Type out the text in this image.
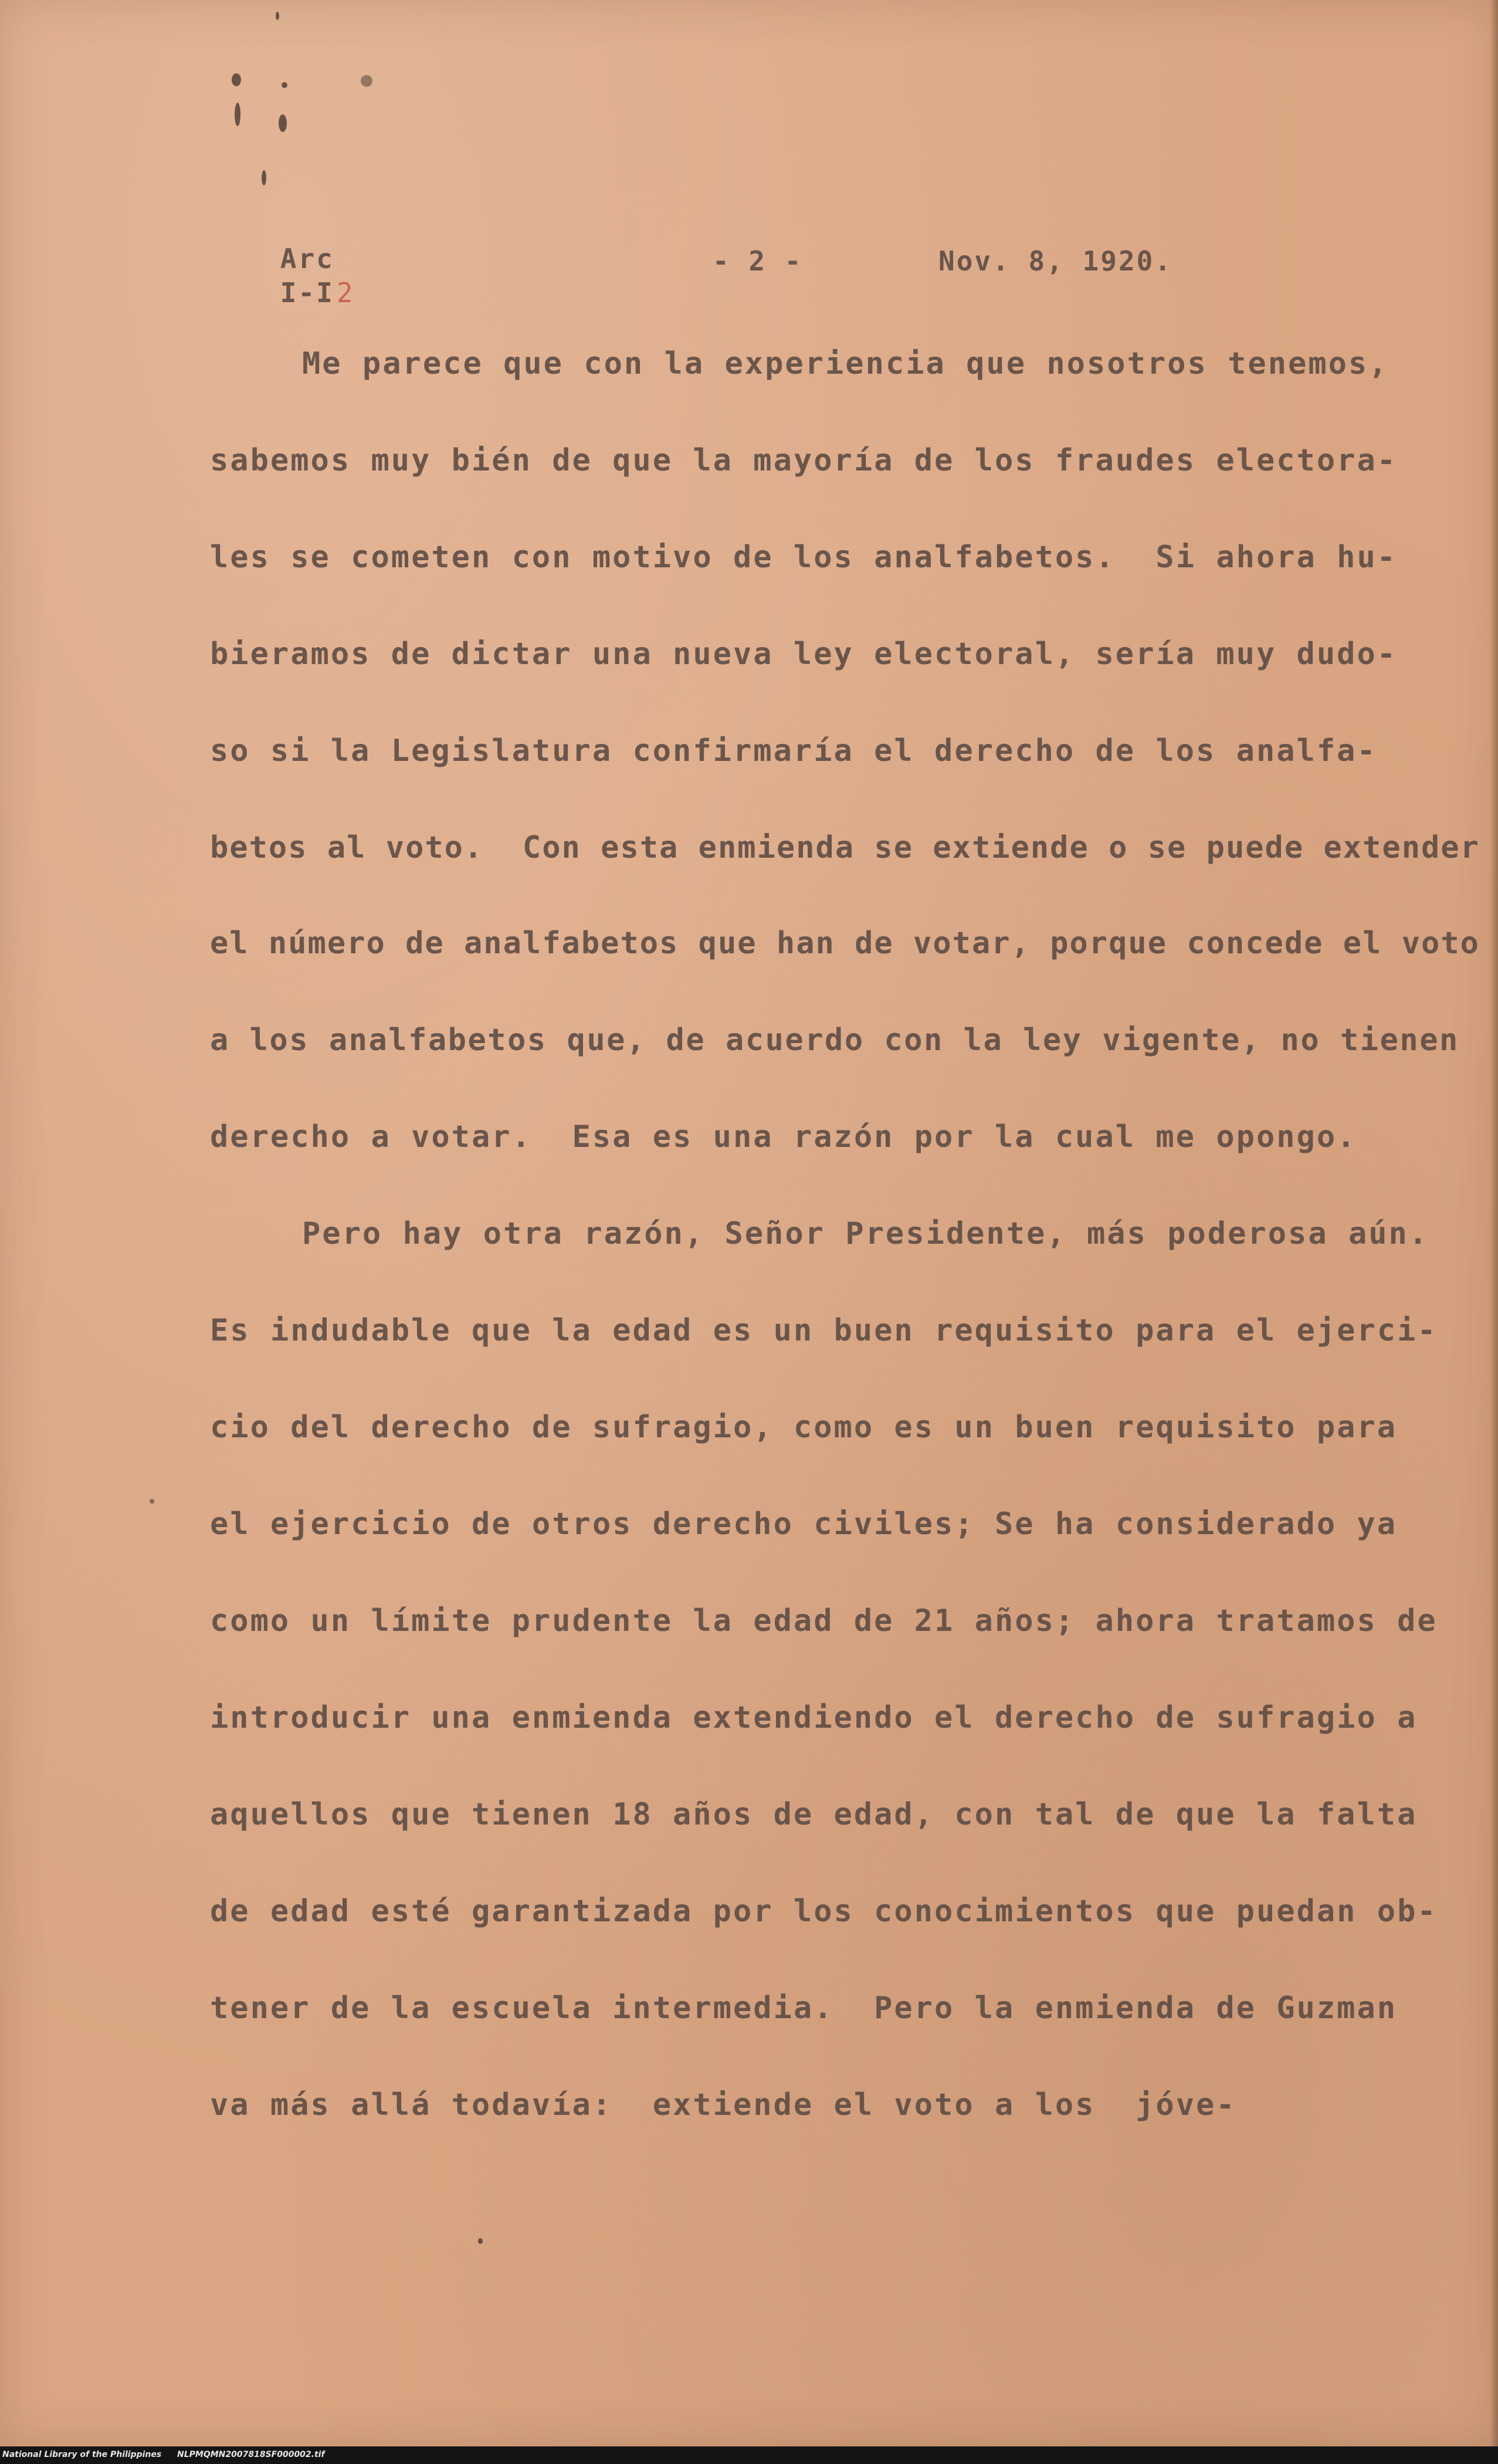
Arc

I-I2

- 2 -	Nov. 8, 1920.
Me parece que con la experiencia que nosotros tenemos,
sabemos muy bién de que la mayoría de los fraudes electora-
les se cometen con motivo de los analfabetos.  Si ahora hu-
bieramos de dictar una nueva ley electoral, sería muy dudo-
so si la Legislatura confirmaría el derecho de los analfa-
betos al voto.  Con esta enmienda se extiende o se puede extender
el número de analfabetos que han de votar, porque concede el voto
a los analfabetos que, de acuerdo con la ley vigente, no tienen
derecho a votar.  Esa es una razón por la cual me opongo.
Pero hay otra razón, Señor Presidente, más poderosa aún.
Es indudable que la edad es un buen requisito para el ejerci-
cio del derecho de sufragio, como es un buen requisito para
el ejercicio de otros derecho civiles; Se ha considerado ya
como un límite prudente la edad de 21 años; ahora tratamos de
introducir una enmienda extendiendo el derecho de sufragio a
aquellos que tienen 18 años de edad, con tal de que la falta
de edad esté garantizada por los conocimientos que puedan ob-
tener de la escuela intermedia.  Pero la enmienda de Guzman
va más allá todavía:  extiende el voto a los  jóve-
National Library of the Philippines NLPMQMN2007818SF000002.tif
